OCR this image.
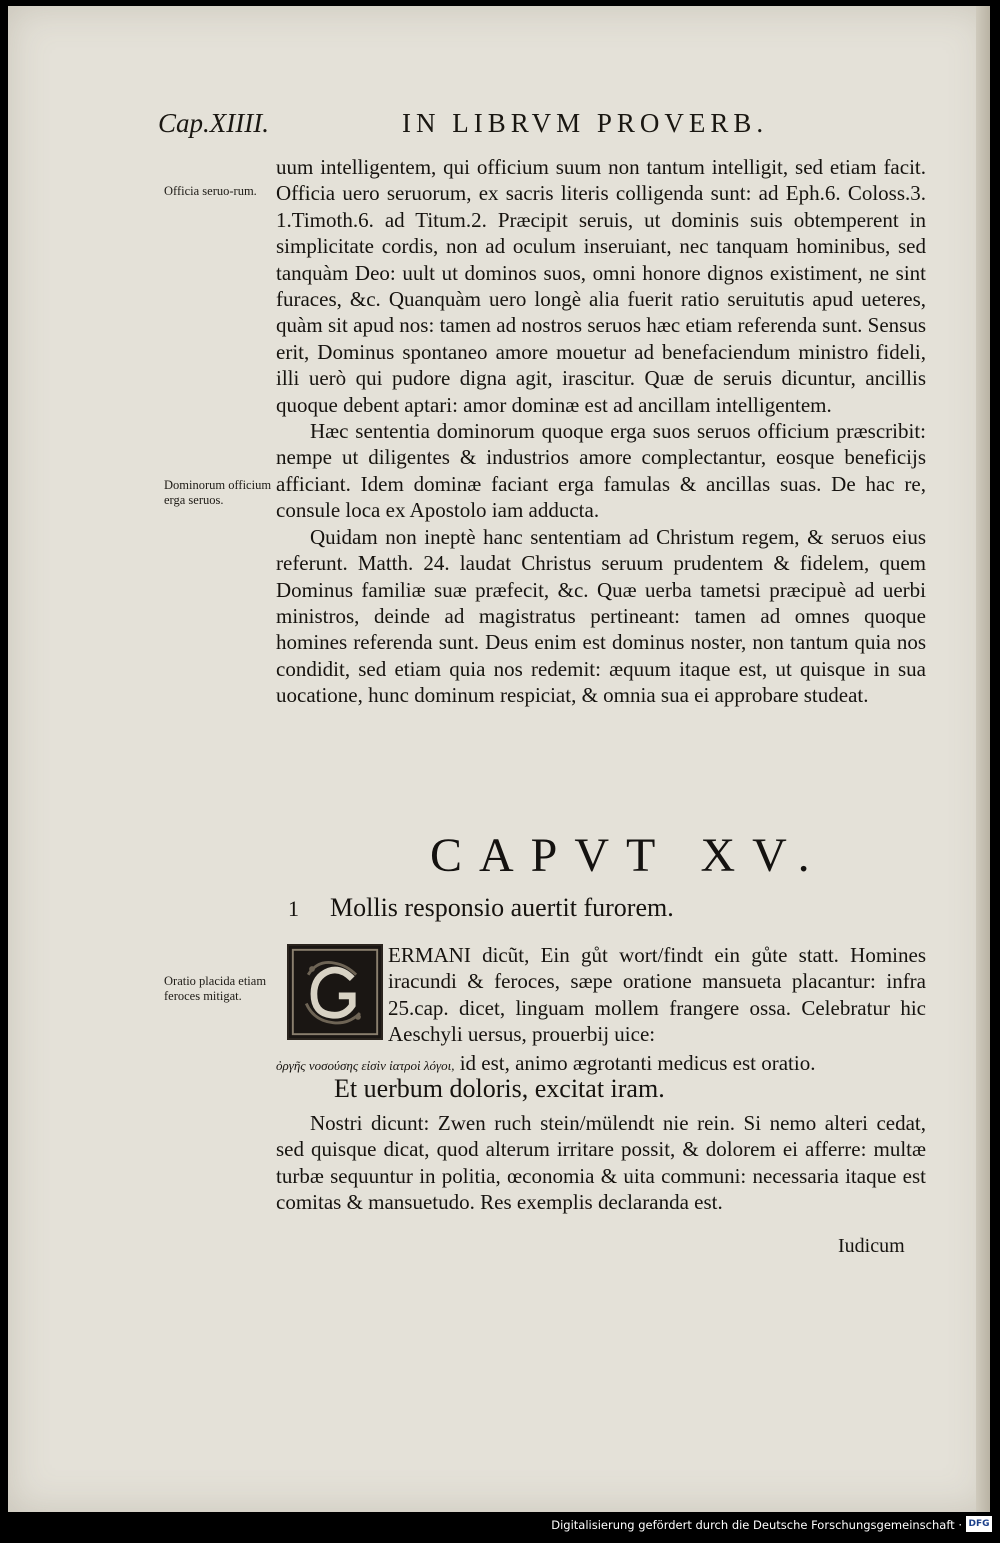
Cap.XIIII.	IN LIBRVM PROVERB.
Officia seruo-rum.
Dominorum officium erga seruos.
Oratio placida etiam feroces mitigat.

uum intelligentem, qui officium suum non tantum intelligit, sed etiam facit. Officia uero seruorum, ex sacris literis colligenda sunt: ad Eph.6. Coloss.3. 1.Timoth.6. ad Titum.2. Præcipit seruis, ut dominis suis obtemperent in simplicitate cordis, non ad oculum inseruiant, nec tanquam hominibus, sed tanquàm Deo: uult ut dominos suos, omni honore dignos existiment, ne sint furaces, &c. Quanquàm uero longè alia fuerit ratio seruitutis apud ueteres, quàm sit apud nos: tamen ad nostros seruos hæc etiam referenda sunt. Sensus erit, Dominus spontaneo amore mouetur ad benefaciendum ministro fideli, illi uerò qui pudore digna agit, irascitur. Quæ de seruis dicuntur, ancillis quoque debent aptari: amor dominæ est ad ancillam intelligentem.

Hæc sententia dominorum quoque erga suos seruos officium præscribit: nempe ut diligentes & industrios amore complectantur, eosque beneficijs afficiant. Idem dominæ faciant erga famulas & ancillas suas. De hac re, consule loca ex Apostolo iam adducta.

Quidam non ineptè hanc sententiam ad Christum regem, & seruos eius referunt. Matth. 24. laudat Christus seruum prudentem & fidelem, quem Dominus familiæ suæ præfecit, &c. Quæ uerba tametsi præcipuè ad uerbi ministros, deinde ad magistratus pertineant: tamen ad omnes quoque homines referenda sunt. Deus enim est dominus noster, non tantum quia nos condidit, sed etiam quia nos redemit: æquum itaque est, ut quisque in sua uocatione, hunc dominum respiciat, & omnia sua ei approbare studeat.

CAPVT XV.
1 Mollis responsio auertit furorem.

ERMANI dicũt, Ein gůt wort/findt ein gůte statt. Homines iracundi & feroces, sæpe oratione mansueta placantur: infra 25.cap. dicet, linguam mollem frangere ossa. Celebratur hic Aeschyli uersus, prouerbij uice:

ὀργῆς νοσούσης εἰσὶν ἰατροὶ λόγοι, id est, animo ægrotanti medicus est oratio.

Et uerbum doloris, excitat iram.

Nostri dicunt: Zwen ruch stein/mülendt nie rein. Si nemo alteri cedat, sed quisque dicat, quod alterum irritare possit, & dolorem ei afferre: multæ turbæ sequuntur in politia, œconomia & uita communi: necessaria itaque est comitas & mansuetudo. Res exemplis declaranda est.

Iudicum
Digitalisierung gefördert durch die Deutsche Forschungsgemeinschaft · DFG
